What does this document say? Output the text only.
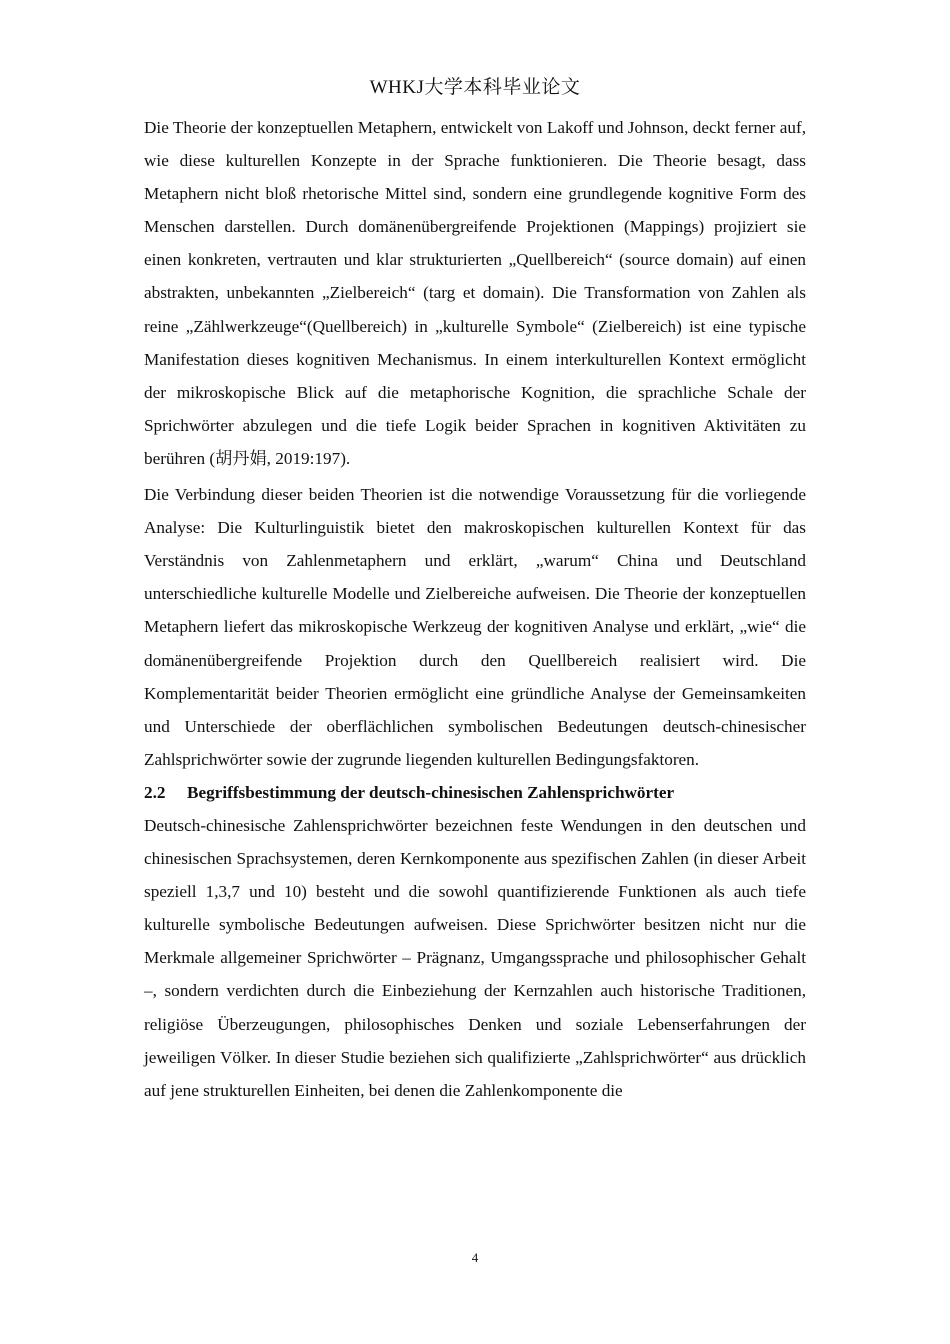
WHKJ大学本科毕业论文

Die Theorie der konzeptuellen Metaphern, entwickelt von Lakoff und Johnson, deckt ferner auf, wie diese kulturellen Konzepte in der Sprache funktionieren. Die Theorie besagt, dass Metaphern nicht bloß rhetorische Mittel sind, sondern eine grundlegende kognitive Form des Menschen darstellen. Durch domänenübergreifende Projektionen (Mappings) projiziert sie einen konkreten, vertrauten und klar strukturierten „Quellbereich“ (source domain) auf einen abstrakten, unbekannten „Zielbereich“ (targ et domain). Die Transformation von Zahlen als reine „Zählwerkzeuge“(Quellbereich) in „kulturelle Symbole“ (Zielbereich) ist eine typische Manifestation dieses kognitiven Mechanismus. In einem interkulturellen Kontext ermöglicht der mikroskopische Blick auf die metaphorische Kognition, die sprachliche Schale der Sprichwörter abzulegen und die tiefe Logik beider Sprachen in kognitiven Aktivitäten zu berühren (胡丹娟, 2019:197).

Die Verbindung dieser beiden Theorien ist die notwendige Voraussetzung für die vorliegende Analyse: Die Kulturlinguistik bietet den makroskopischen kulturellen Kontext für das Verständnis von Zahlenmetaphern und erklärt, „warum“ China und Deutschland unterschiedliche kulturelle Modelle und Zielbereiche aufweisen. Die Theorie der konzeptuellen Metaphern liefert das mikroskopische Werkzeug der kognitiven Analyse und erklärt, „wie“ die domänenübergreifende Projektion durch den Quellbereich realisiert wird. Die Komplementarität beider Theorien ermöglicht eine gründliche Analyse der Gemeinsamkeiten und Unterschiede der oberflächlichen symbolischen Bedeutungen deutsch-chinesischer Zahlsprichwörter sowie der zugrunde liegenden kulturellen Bedingungsfaktoren.

2.2 Begriffsbestimmung der deutsch-chinesischen Zahlensprichwörter

Deutsch-chinesische Zahlensprichwörter bezeichnen feste Wendungen in den deutschen und chinesischen Sprachsystemen, deren Kernkomponente aus spezifischen Zahlen (in dieser Arbeit speziell 1,3,7 und 10) besteht und die sowohl quantifizierende Funktionen als auch tiefe kulturelle symbolische Bedeutungen aufweisen. Diese Sprichwörter besitzen nicht nur die Merkmale allgemeiner Sprichwörter – Prägnanz, Umgangssprache und philosophischer Gehalt –, sondern verdichten durch die Einbeziehung der Kernzahlen auch historische Traditionen, religiöse Überzeugungen, philosophisches Denken und soziale Lebenserfahrungen der jeweiligen Völker. In dieser Studie beziehen sich qualifizierte „Zahlsprichwörter“ aus drücklich auf jene strukturellen Einheiten, bei denen die Zahlenkomponente die

4
